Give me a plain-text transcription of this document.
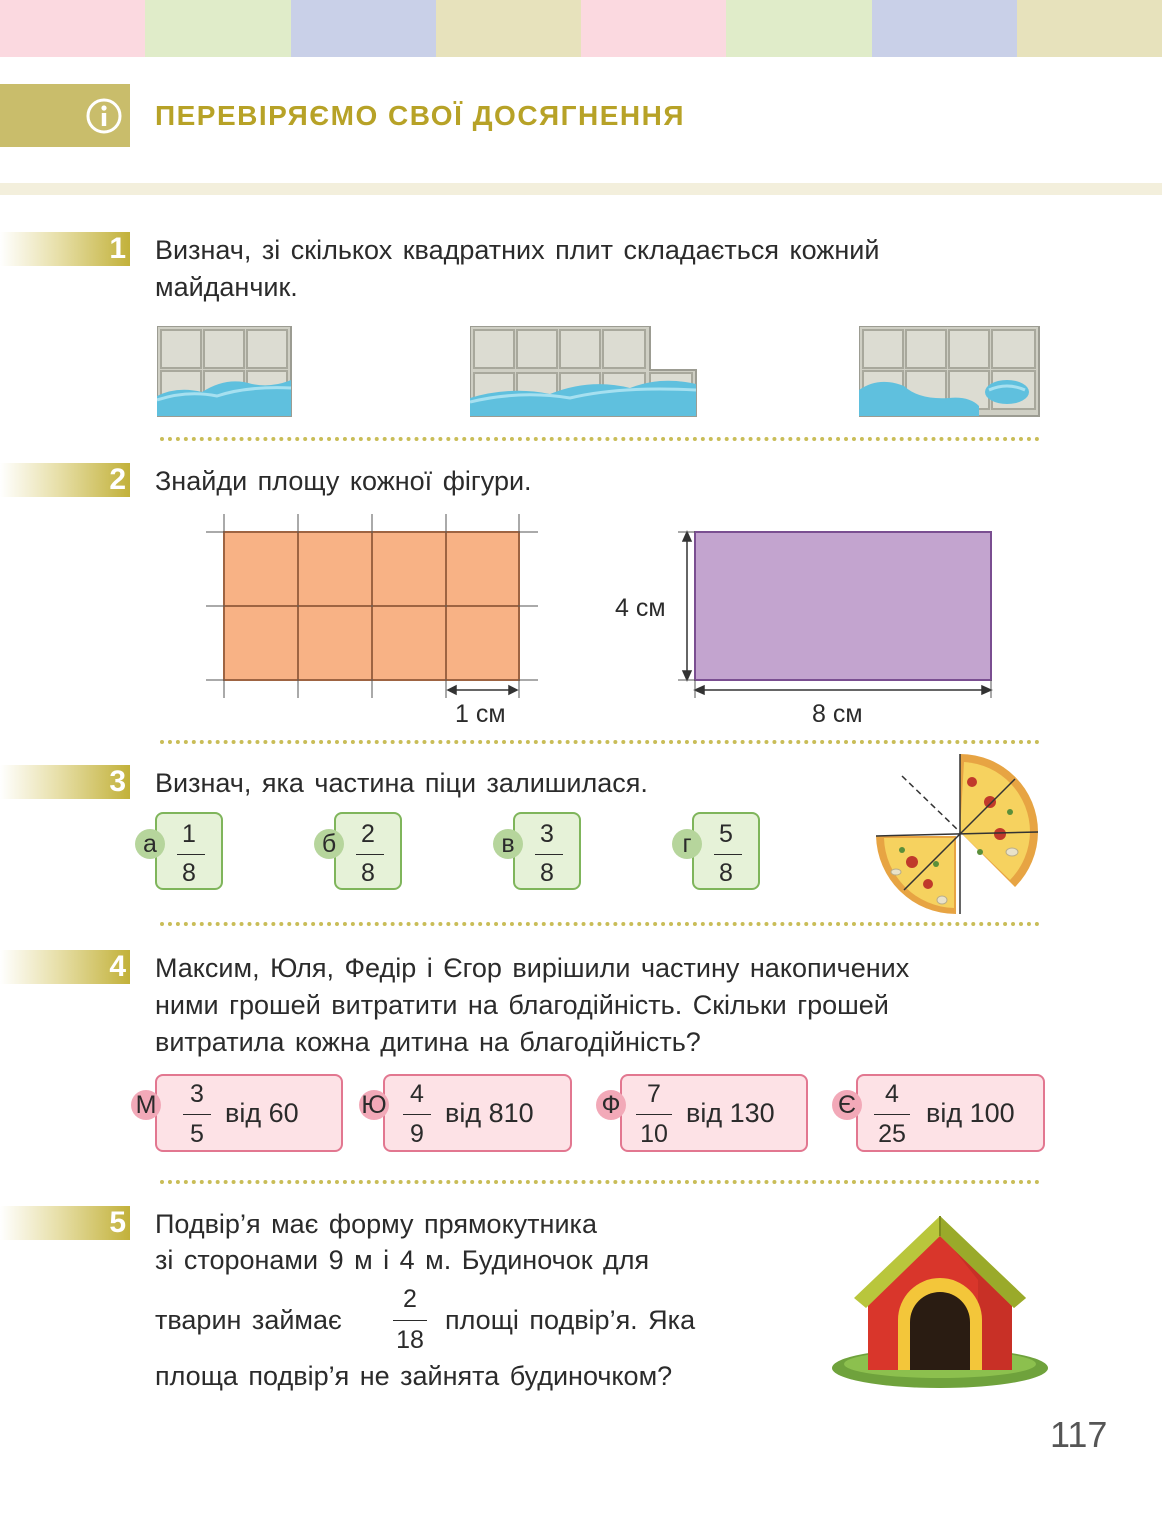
ПЕРЕВІРЯЄМО СВОЇ ДОСЯГНЕННЯ
1 Визнач, зі скількох квадратних плит складається кожний
майданчик.
2 Знайди площу кожної фігури.
1 см
4 см
8 см
3 Визнач, яка частина піци залишилася.
1
8
а	2
8
б	3
8
в	5
8
г
4 Максим, Юля, Федір і Єгор вирішили частину накопичених
ними грошей витратити на благодійність. Скільки грошей
витратила кожна дитина на благодійність?
3
5
від 60
М	4
9
від 810
Ю	7
10
від 130
Ф	4
25
від 100
Є
5 Подвір’я має форму прямокутника
зі сторонами 9 м і 4 м. Будиночок для
тварин займає
2
18
площі подвір’я. Яка
площа подвір’я не зайнята будиночком?
117
